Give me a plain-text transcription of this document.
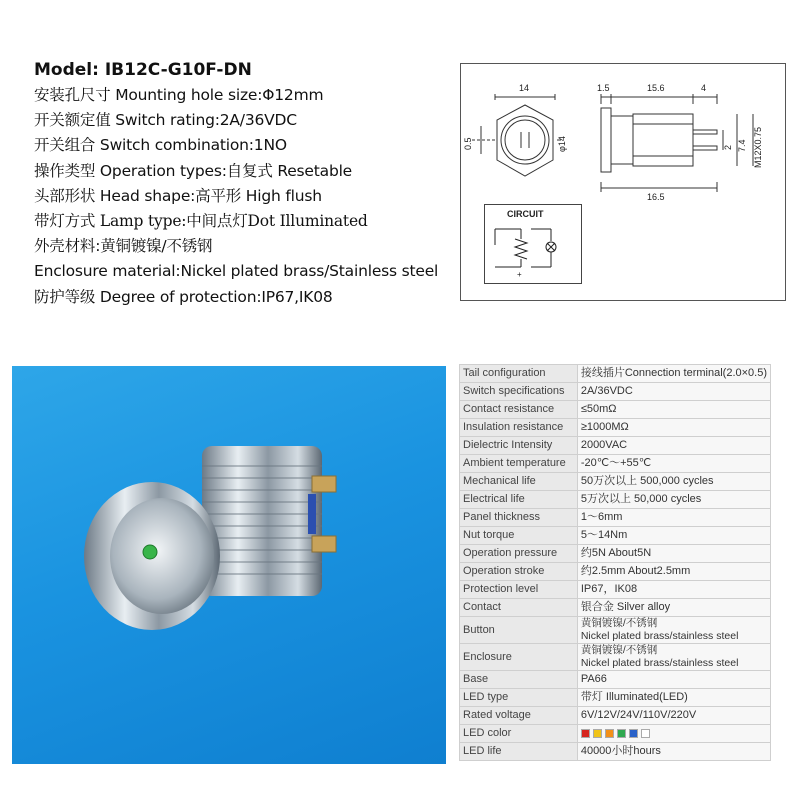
Model: IB12C-G10F-DN
安装孔尺寸 Mounting hole size:Φ12mm
开关额定值 Switch rating:2A/36VDC
开关组合 Switch combination:1NO
操作类型 Operation types:自复式 Resetable
头部形状 Head shape:高平形 High flush
带灯方式 Lamp type:中间点灯Dot Illuminated
外壳材料:黄铜镀镍/不锈钢
Enclosure material:Nickel plated brass/Stainless steel
防护等级 Degree of protection:IP67,IK08
14
0.5	φ14
1.5	15.6	4
16.5
2 7.4 M12X0.75
CIRCUIT
+
Tail configuration	接线插片Connection terminal(2.0×0.5)
Switch specifications	2A/36VDC
Contact resistance	≤50mΩ
Insulation resistance	≥1000MΩ
Dielectric Intensity	2000VAC
Ambient temperature	-20℃～+55℃
Mechanical life	50万次以上 500,000 cycles
Electrical life	5万次以上 50,000 cycles
Panel thickness	1～6mm
Nut torque	5～14Nm
Operation pressure	约5N About5N
Operation stroke	约2.5mm About2.5mm
Protection level	IP67，IK08
Contact	银合金 Silver alloy
Button	黄铜镀镍/不锈钢
Nickel plated brass/stainless steel

Enclosure	黄铜镀镍/不锈钢
Nickel plated brass/stainless steel

Base	PA66
LED type	带灯 Illuminated(LED)
Rated voltage	6V/12V/24V/110V/220V
LED color	
LED life	40000小时hours
